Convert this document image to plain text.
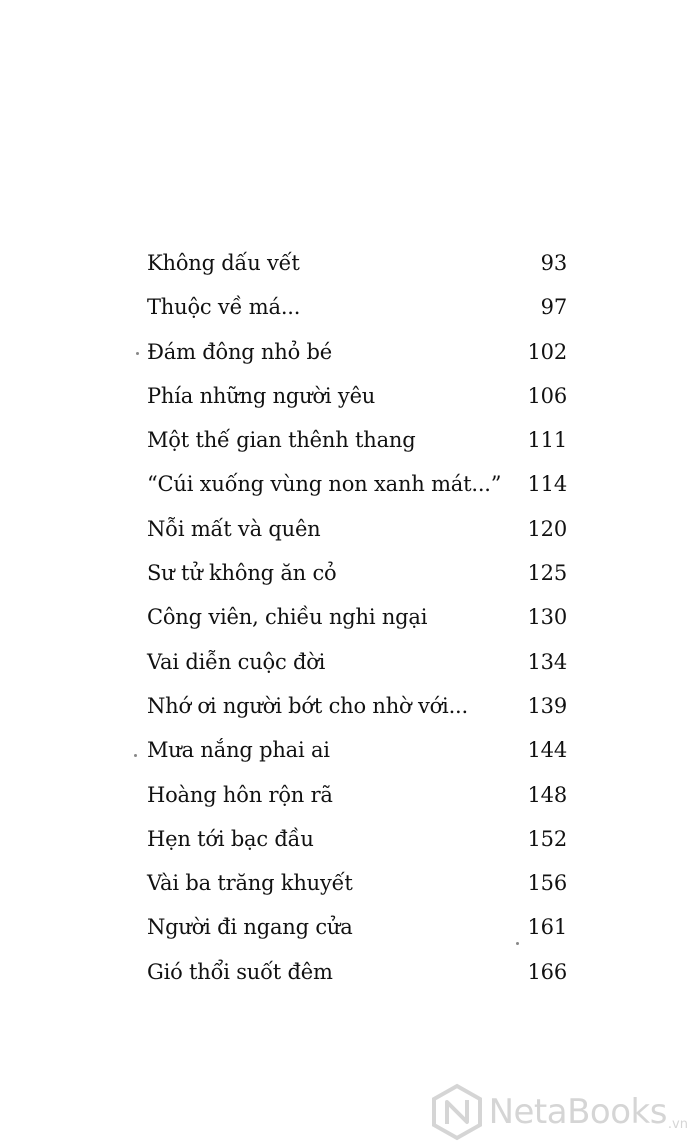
Không dấu vết	93
Thuộc về má...	97
Đám đông nhỏ bé	102
Phía những người yêu	106
Một thế gian thênh thang	111
“Cúi xuống vùng non xanh mát...”	114
Nỗi mất và quên	120
Sư tử không ăn cỏ	125
Công viên, chiều nghi ngại	130
Vai diễn cuộc đời	134
Nhớ ơi người bớt cho nhờ với...	139
Mưa nắng phai ai	144
Hoàng hôn rộn rã	148
Hẹn tới bạc đầu	152
Vài ba trăng khuyết	156
Người đi ngang cửa	161
Gió thổi suốt đêm	166
NetaBooks .vn
